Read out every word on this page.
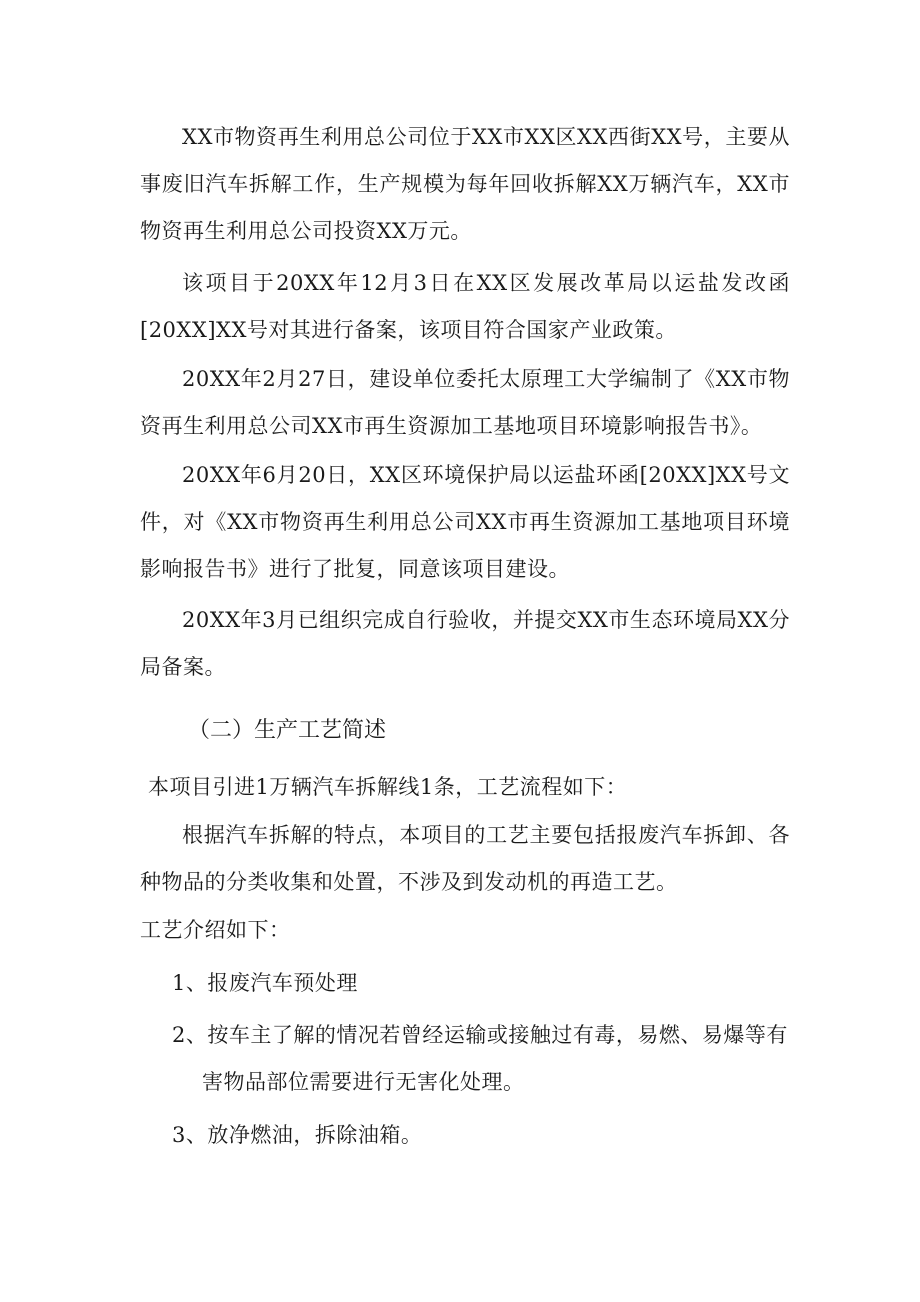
XX市物资再生利用总公司位于XX市XX区XX西街XX号，主要从事废旧汽车拆解工作，生产规模为每年回收拆解XX万辆汽车，XX市物资再生利用总公司投资XX万元。

该项目于20XX年12月3日在XX区发展改革局以运盐发改函[20XX]XX号对其进行备案，该项目符合国家产业政策。

20XX年2月27日，建设单位委托太原理工大学编制了《XX市物资再生利用总公司XX市再生资源加工基地项目环境影响报告书》。

20XX年6月20日，XX区环境保护局以运盐环函[20XX]XX号文件，对《XX市物资再生利用总公司XX市再生资源加工基地项目环境影响报告书》进行了批复，同意该项目建设。

20XX年3月已组织完成自行验收，并提交XX市生态环境局XX分局备案。

（二）生产工艺简述

本项目引进1万辆汽车拆解线1条，工艺流程如下：

根据汽车拆解的特点，本项目的工艺主要包括报废汽车拆卸、各种物品的分类收集和处置，不涉及到发动机的再造工艺。

工艺介绍如下：

1、报废汽车预处理
2、按车主了解的情况若曾经运输或接触过有毒，易燃、易爆等有
害物品部位需要进行无害化处理。
3、放净燃油，拆除油箱。
